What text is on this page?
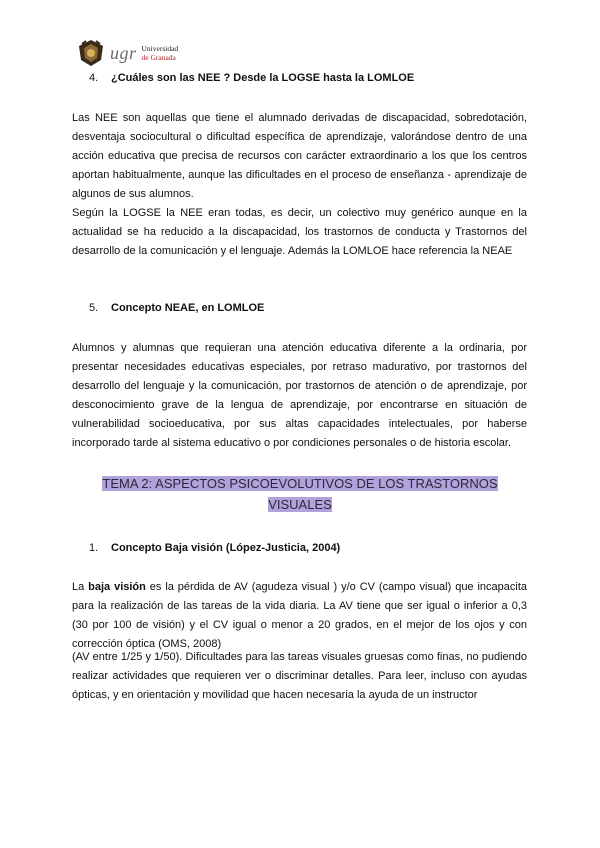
ugr Universidad
de Granada
4. ¿Cuáles son las NEE ? Desde la LOGSE hasta la LOMLOE

Las NEE son aquellas que tiene el alumnado derivadas de discapacidad, sobredotación, desventaja sociocultural o dificultad específica de aprendizaje, valorándose dentro de una acción educativa que precisa de recursos con carácter extraordinario a los que los centros aportan habitualmente, aunque las dificultades en el proceso de enseñanza - aprendizaje de algunos de sus alumnos.

Según la LOGSE la NEE eran todas, es decir, un colectivo muy genérico aunque en la actualidad se ha reducido a la discapacidad, los trastornos de conducta y Trastornos del desarrollo de la comunicación y el lenguaje. Además la LOMLOE hace referencia la NEAE

5. Concepto NEAE, en LOMLOE

Alumnos y alumnas que requieran una atención educativa diferente a la ordinaria, por presentar necesidades educativas especiales, por retraso madurativo, por trastornos del desarrollo del lenguaje y la comunicación, por trastornos de atención o de aprendizaje, por desconocimiento grave de la lengua de aprendizaje, por encontrarse en situación de vulnerabilidad socioeducativa, por sus altas capacidades intelectuales, por haberse incorporado tarde al sistema educativo o por condiciones personales o de historia escolar.

TEMA 2: ASPECTOS PSICOEVOLUTIVOS DE LOS TRASTORNOS
VISUALES
1. Concepto Baja visión (López-Justicia, 2004)

La baja visión es la pérdida de AV (agudeza visual ) y/o CV (campo visual) que incapacita para la realización de las tareas de la vida diaria. La AV tiene que ser igual o inferior a 0,3 (30 por 100 de visión) y el CV igual o menor a 20 grados, en el mejor de los ojos y con corrección óptica (OMS, 2008)

(AV entre 1/25 y 1/50). Dificultades para las tareas visuales gruesas como finas, no pudiendo realizar actividades que requieren ver o discriminar detalles. Para leer, incluso con ayudas ópticas, y en orientación y movilidad que hacen necesaria la ayuda de un instructor
